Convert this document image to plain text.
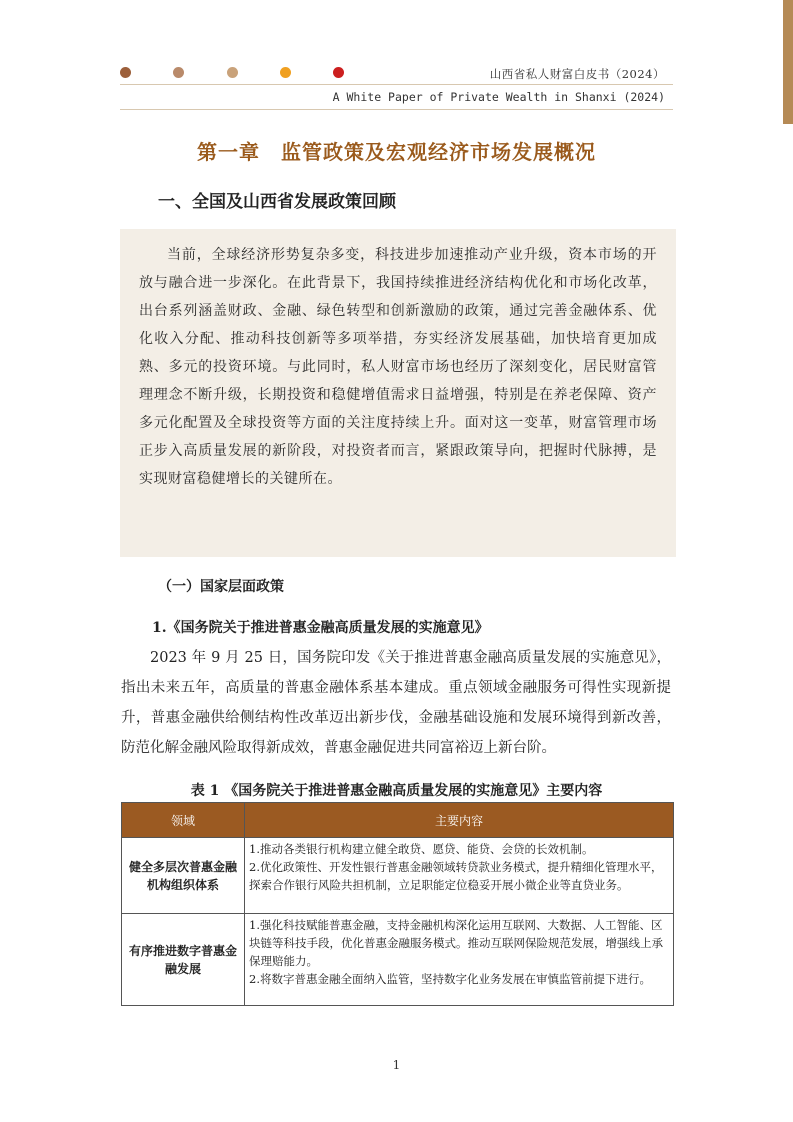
山西省私人财富白皮书（2024）
A White Paper of Private Wealth in Shanxi (2024)
第一章　监管政策及宏观经济市场发展概况
一、全国及山西省发展政策回顾

当前，全球经济形势复杂多变，科技进步加速推动产业升级，资本市场的开放与融合进一步深化。在此背景下，我国持续推进经济结构优化和市场化改革，出台系列涵盖财政、金融、绿色转型和创新激励的政策，通过完善金融体系、优化收入分配、推动科技创新等多项举措，夯实经济发展基础，加快培育更加成熟、多元的投资环境。与此同时，私人财富市场也经历了深刻变化，居民财富管理理念不断升级，长期投资和稳健增值需求日益增强，特别是在养老保障、资产多元化配置及全球投资等方面的关注度持续上升。面对这一变革，财富管理市场正步入高质量发展的新阶段，对投资者而言，紧跟政策导向，把握时代脉搏，是实现财富稳健增长的关键所在。

（一）国家层面政策
1.《国务院关于推进普惠金融高质量发展的实施意见》

2023 年 9 月 25 日，国务院印发《关于推进普惠金融高质量发展的实施意见》，指出未来五年，高质量的普惠金融体系基本建成。重点领域金融服务可得性实现新提升，普惠金融供给侧结构性改革迈出新步伐，金融基础设施和发展环境得到新改善，防范化解金融风险取得新成效，普惠金融促进共同富裕迈上新台阶。

表 1 《国务院关于推进普惠金融高质量发展的实施意见》主要内容
领域	主要内容
健全多层次普惠金融机构组织体系	1.推动各类银行机构建立健全敢贷、愿贷、能贷、会贷的长效机制。
2.优化政策性、开发性银行普惠金融领域转贷款业务模式，提升精细化管理水平，探索合作银行风险共担机制，立足职能定位稳妥开展小微企业等直贷业务。

有序推进数字普惠金融发展	1.强化科技赋能普惠金融，支持金融机构深化运用互联网、大数据、人工智能、区块链等科技手段，优化普惠金融服务模式。推动互联网保险规范发展，增强线上承保理赔能力。
2.将数字普惠金融全面纳入监管，坚持数字化业务发展在审慎监管前提下进行。
1
